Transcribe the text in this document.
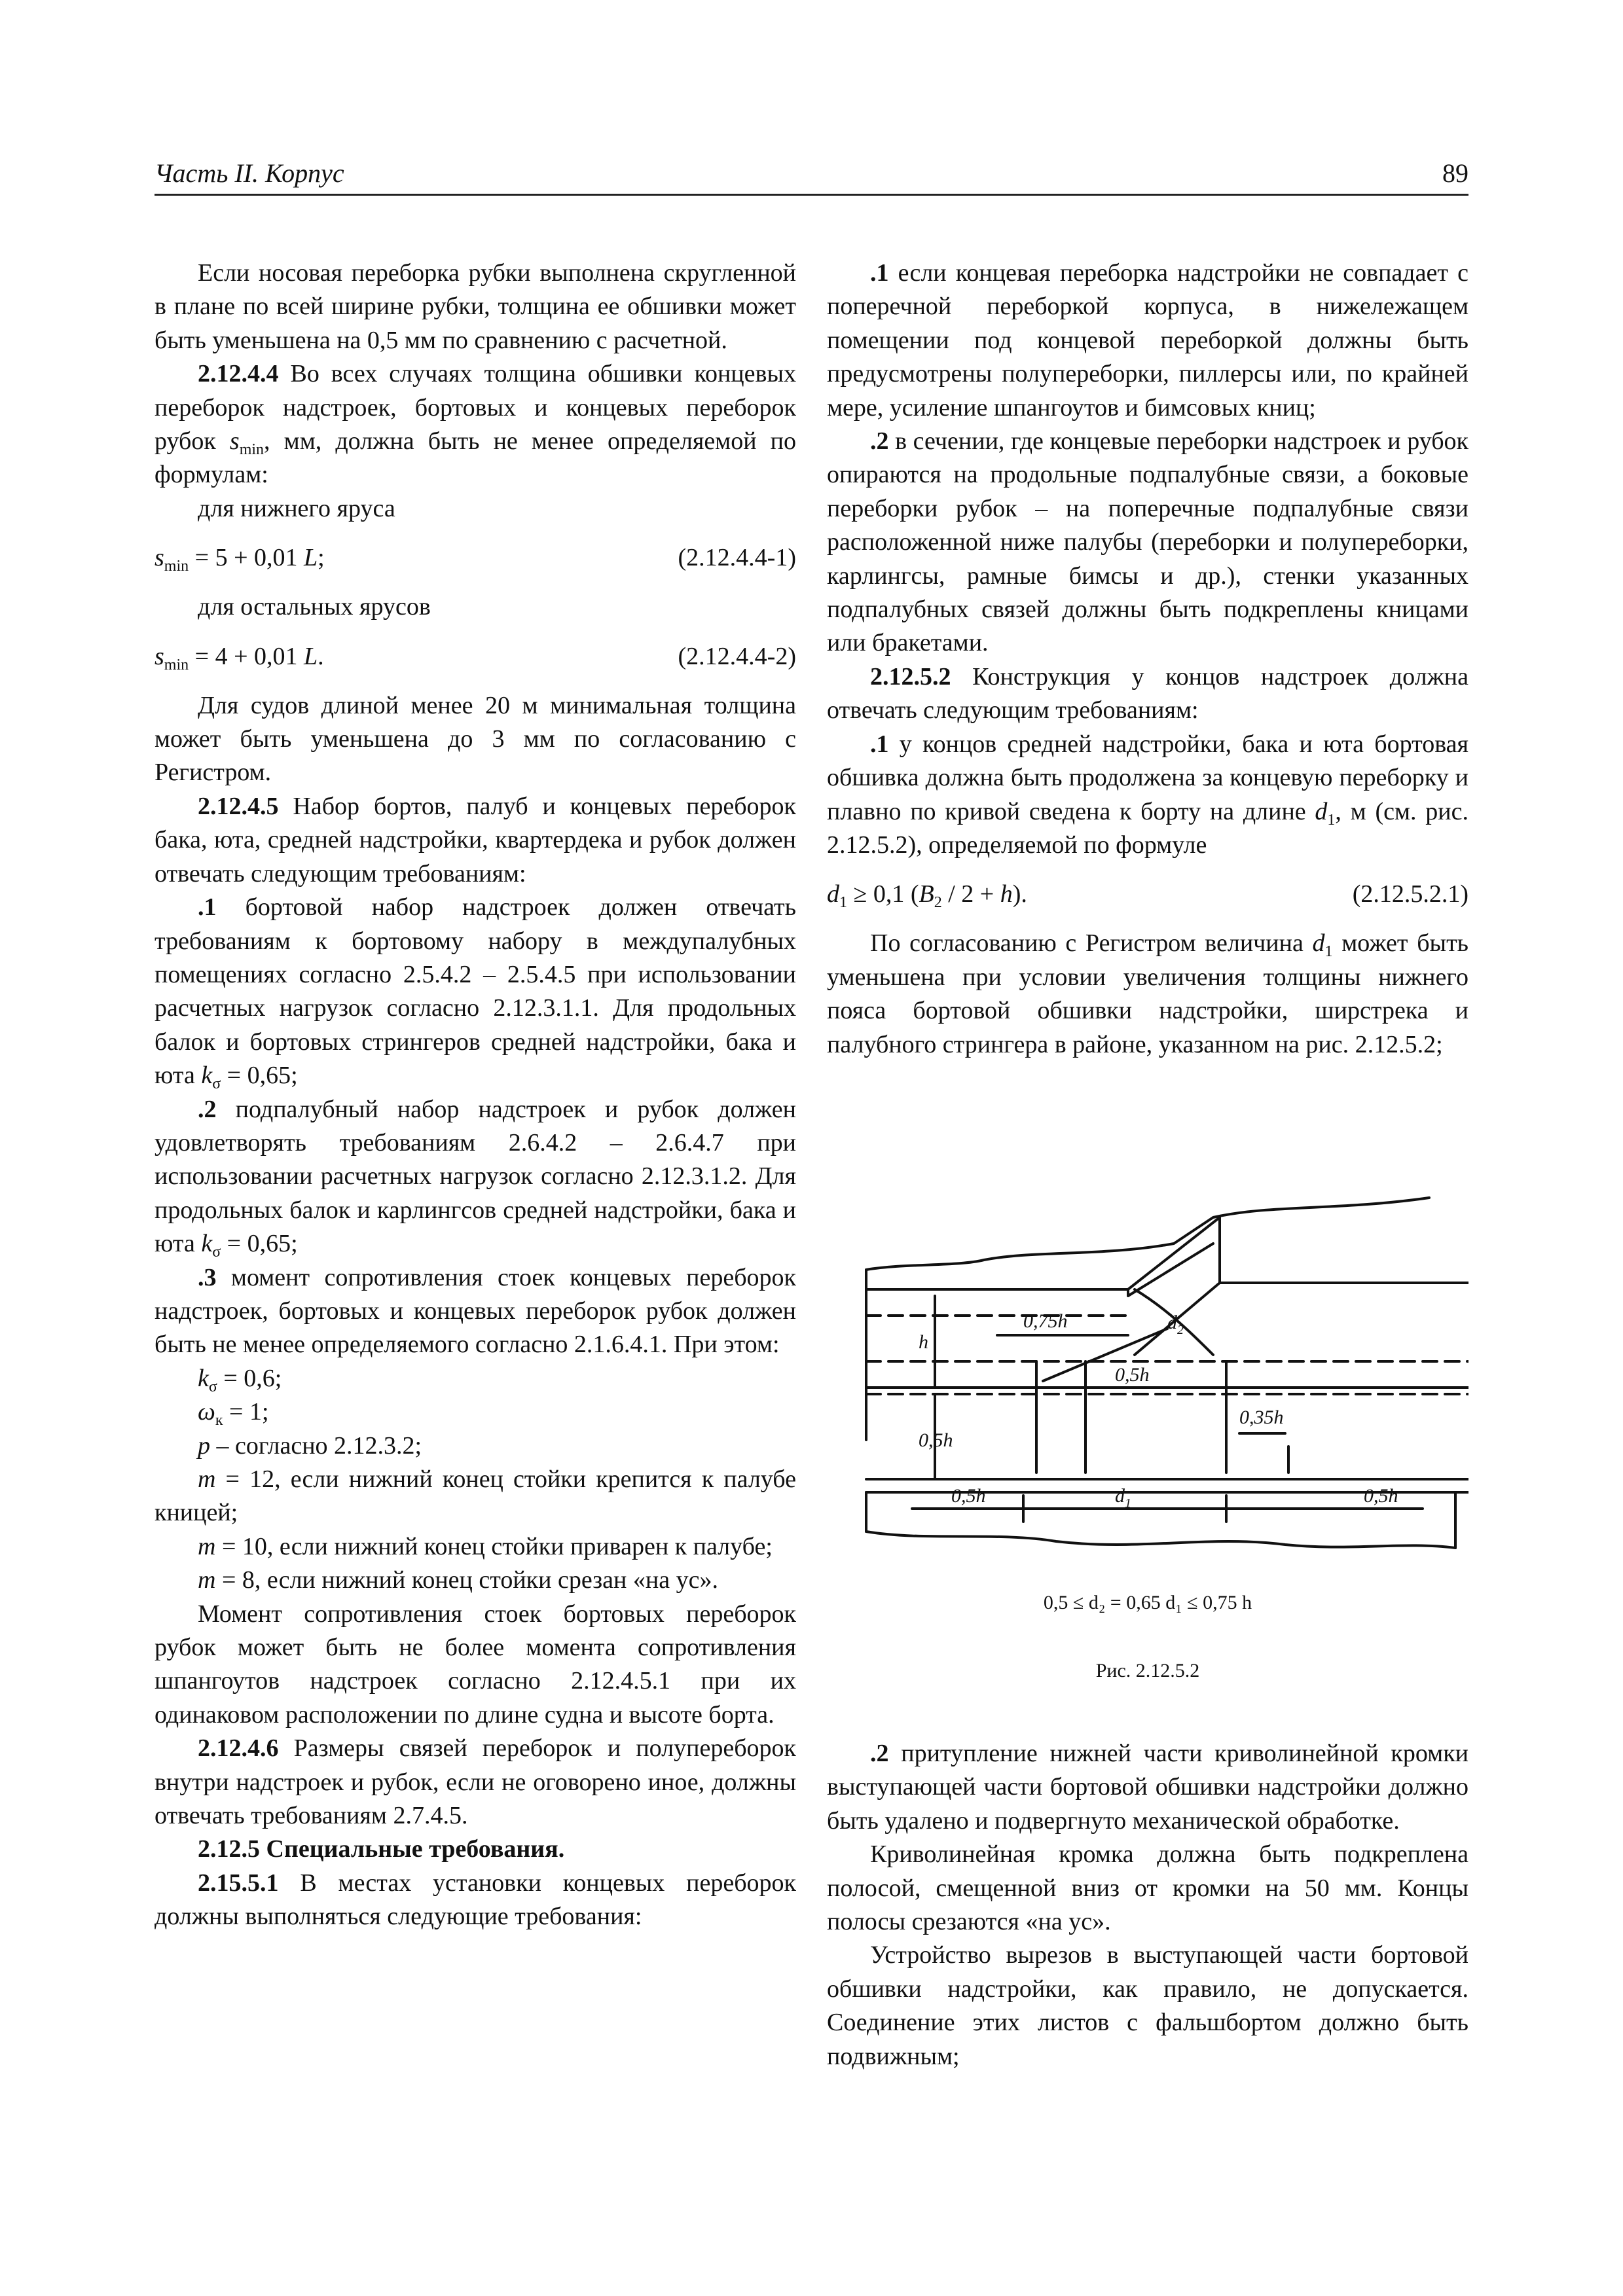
Часть II. Корпус	89

Если носовая переборка рубки выполнена скругленной в плане по всей ширине рубки, толщина ее обшивки может быть уменьшена на 0,5 мм по сравнению с расчетной.

2.12.4.4 Во всех случаях толщина обшивки концевых переборок надстроек, бортовых и концевых переборок рубок $s_{min}$, мм, должна быть не менее определяемой по формулам:

для нижнего яруса

$s_{min} = 5 + 0,01$ L;	(2.12.4.4-1)

для остальных ярусов

$s_{min} = 4 + 0,01$ L.	(2.12.4.4-2)

Для судов длиной менее 20 м минимальная толщина может быть уменьшена до 3 мм по согласованию с Регистром.

2.12.4.5 Набор бортов, палуб и концевых переборок бака, юта, средней надстройки, квартердека и рубок должен отвечать следующим требованиям:

.1 бортовой набор надстроек должен отвечать требованиям к бортовому набору в междупалубных помещениях согласно 2.5.4.2 – 2.5.4.5 при использовании расчетных нагрузок согласно 2.12.3.1.1. Для продольных балок и бортовых стрингеров средней надстройки, бака и юта $k_\sigma = 0,65$;

.2 подпалубный набор надстроек и рубок должен удовлетворять требованиям 2.6.4.2 – 2.6.4.7 при использовании расчетных нагрузок согласно 2.12.3.1.2. Для продольных балок и карлингсов средней надстройки, бака и юта $k_\sigma = 0,65$;

.3 момент сопротивления стоек концевых переборок надстроек, бортовых и концевых переборок рубок должен быть не менее определяемого согласно 2.1.6.4.1. При этом:

$k_\sigma = 0,6$;

$\omega_к = 1$;

p – согласно 2.12.3.2;

m = 12, если нижний конец стойки крепится к палубе кницей;

m = 10, если нижний конец стойки приварен к палубе;

m = 8, если нижний конец стойки срезан «на ус».

Момент сопротивления стоек бортовых переборок рубок может быть не более момента сопротивления шпангоутов надстроек согласно 2.12.4.5.1 при их одинаковом расположении по длине судна и высоте борта.

2.12.4.6 Размеры связей переборок и полупереборок внутри надстроек и рубок, если не оговорено иное, должны отвечать требованиям 2.7.4.5.

2.12.5 Специальные требования.

2.15.5.1 В местах установки концевых переборок должны выполняться следующие требования:

.1 если концевая переборка надстройки не совпадает с поперечной переборкой корпуса, в нижележащем помещении под концевой переборкой должны быть предусмотрены полупереборки, пиллерсы или, по крайней мере, усиление шпангоутов и бимсовых книц;

.2 в сечении, где концевые переборки надстроек и рубок опираются на продольные подпалубные связи, а боковые переборки рубок – на поперечные подпалубные связи расположенной ниже палубы (переборки и полупереборки, карлингсы, рамные бимсы и др.), стенки указанных подпалубных связей должны быть подкреплены кницами или бракетами.

2.12.5.2 Конструкция у концов надстроек должна отвечать следующим требованиям:

.1 у концов средней надстройки, бака и юта бортовая обшивка должна быть продолжена за концевую переборку и плавно по кривой сведена к борту на длине $d_1$, м (см. рис. 2.12.5.2), определяемой по формуле

$d_1 \ge 0,1$ $(B_2 / 2 + h)$.	(2.12.5.2.1)

По согласованию с Регистром величина $d_1$ может быть уменьшена при условии увеличения толщины нижнего пояса бортовой обшивки надстройки, ширстрека и палубного стрингера в районе, указанном на рис. 2.12.5.2;

h
0,75h	$d_2$
0,5h
0,5h
0,35h
0,5h	$d_1$	0,5h
0,5 ≤ d₂ = 0,65 d₁ ≤ 0,75 h
Рис. 2.12.5.2

.2 притупление нижней части криволинейной кромки выступающей части бортовой обшивки надстройки должно быть удалено и подвергнуто механической обработке.

Криволинейная кромка должна быть подкреплена полосой, смещенной вниз от кромки на 50 мм. Концы полосы срезаются «на ус».

Устройство вырезов в выступающей части бортовой обшивки надстройки, как правило, не допускается. Соединение этих листов с фальшбортом должно быть подвижным;
